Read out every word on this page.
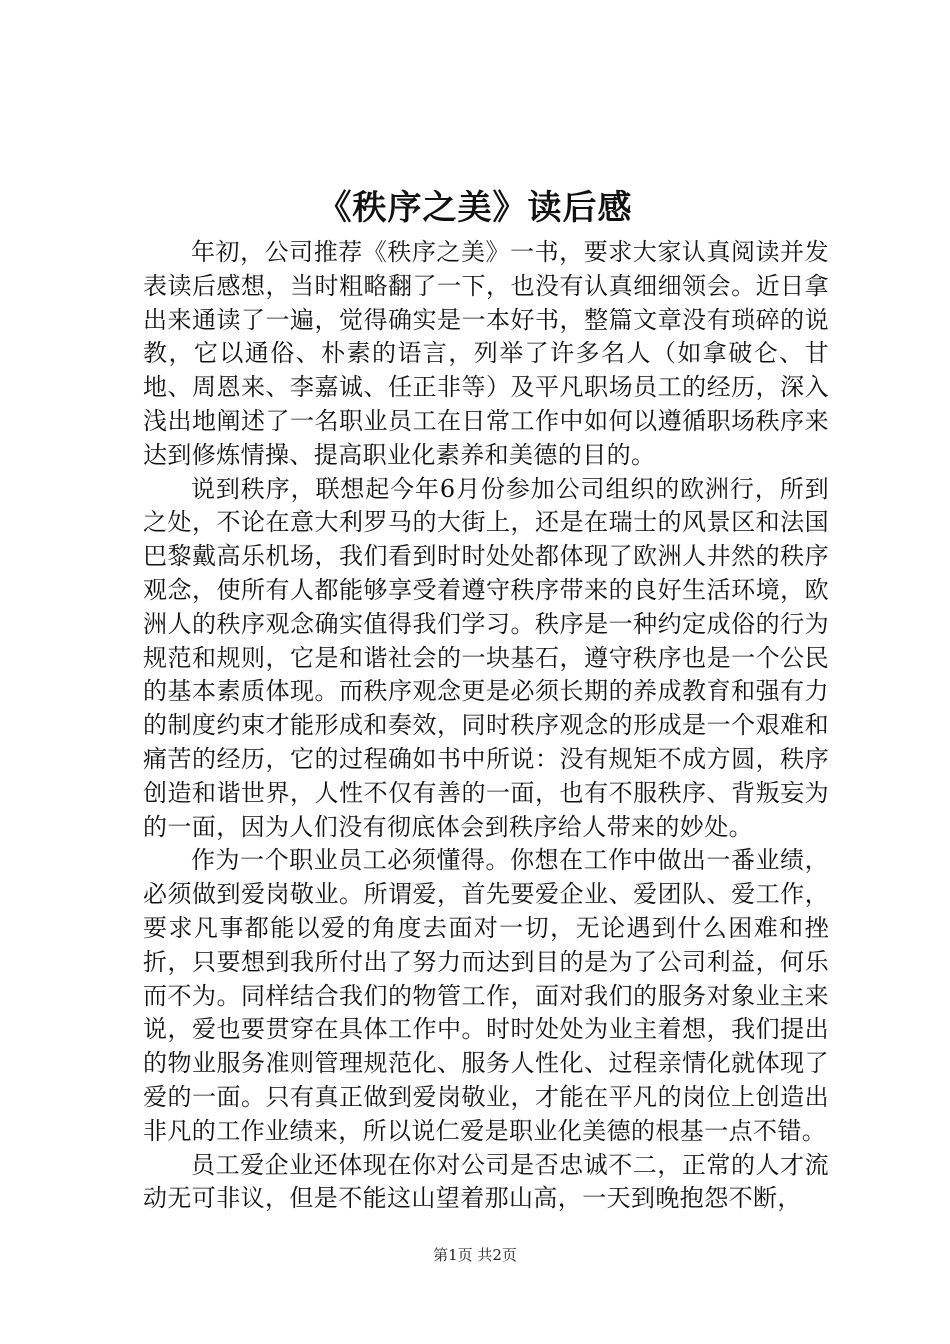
《秩序之美》读后感

年初，公司推荐《秩序之美》一书，要求大家认真阅读并发表读后感想，当时粗略翻了一下，也没有认真细细领会。近日拿出来通读了一遍，觉得确实是一本好书，整篇文章没有琐碎的说教，它以通俗、朴素的语言，列举了许多名人（如拿破仑、甘地、周恩来、李嘉诚、任正非等）及平凡职场员工的经历，深入浅出地阐述了一名职业员工在日常工作中如何以遵循职场秩序来达到修炼情操、提高职业化素养和美德的目的。

说到秩序，联想起今年6月份参加公司组织的欧洲行，所到之处，不论在意大利罗马的大街上，还是在瑞士的风景区和法国巴黎戴高乐机场，我们看到时时处处都体现了欧洲人井然的秩序观念，使所有人都能够享受着遵守秩序带来的良好生活环境，欧洲人的秩序观念确实值得我们学习。秩序是一种约定成俗的行为规范和规则，它是和谐社会的一块基石，遵守秩序也是一个公民的基本素质体现。而秩序观念更是必须长期的养成教育和强有力的制度约束才能形成和奏效，同时秩序观念的形成是一个艰难和痛苦的经历，它的过程确如书中所说：没有规矩不成方圆，秩序创造和谐世界，人性不仅有善的一面，也有不服秩序、背叛妄为的一面，因为人们没有彻底体会到秩序给人带来的妙处。

作为一个职业员工必须懂得。你想在工作中做出一番业绩，必须做到爱岗敬业。所谓爱，首先要爱企业、爱团队、爱工作，要求凡事都能以爱的角度去面对一切，无论遇到什么困难和挫折，只要想到我所付出了努力而达到目的是为了公司利益，何乐而不为。同样结合我们的物管工作，面对我们的服务对象业主来说，爱也要贯穿在具体工作中。时时处处为业主着想，我们提出的物业服务准则管理规范化、服务人性化、过程亲情化就体现了爱的一面。只有真正做到爱岗敬业，才能在平凡的岗位上创造出非凡的工作业绩来，所以说仁爱是职业化美德的根基一点不错。

员工爱企业还体现在你对公司是否忠诚不二，正常的人才流动无可非议，但是不能这山望着那山高，一天到晚抱怨不断，

第1页 共2页
